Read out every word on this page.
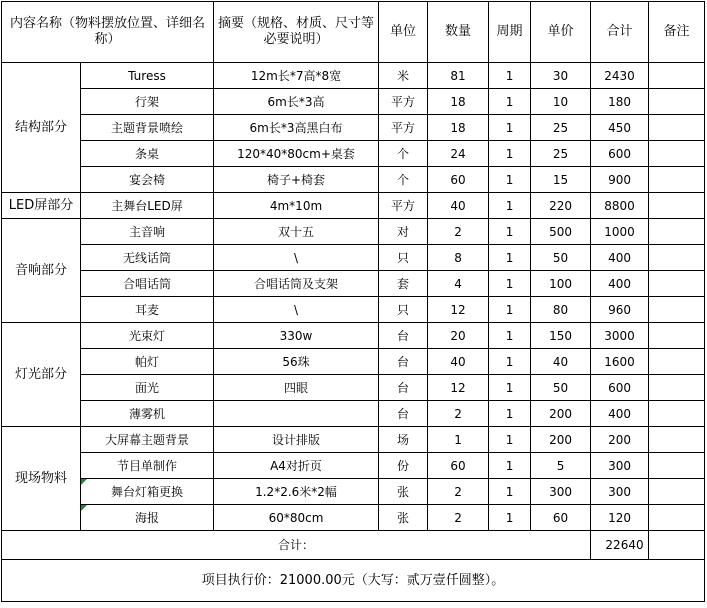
内容名称（物料摆放位置、详细名称）		摘要（规格、材质、尺寸等必要说明）	单位	数量	周期	单价	合计	备注
结构部分	Turess	12m长*7高*8宽	米	81	1	30	2430	
	行架	6m长*3高	平方	18	1	10	180	
	主题背景喷绘	6m长*3高黑白布	平方	18	1	25	450	
	条桌	120*40*80cm+桌套	个	24	1	25	600	
	宴会椅	椅子+椅套	个	60	1	15	900	
LED屏部分	主舞台LED屏	4m*10m	平方	40	1	220	8800	
音响部分	主音响	双十五	对	2	1	500	1000	
	无线话筒	\	只	8	1	50	400	
	合唱话筒	合唱话筒及支架	套	4	1	100	400	
	耳麦	\	只	12	1	80	960	
灯光部分	光束灯	330w	台	20	1	150	3000	
	帕灯	56珠	台	40	1	40	1600	
	面光	四眼	台	12	1	50	600	
	薄雾机		台	2	1	200	400	
现场物料	大屏幕主题背景	设计排版	场	1	1	200	200	
	节目单制作	A4对折页	份	60	1	5	300	
	舞台灯箱更换	1.2*2.6米*2幅	张	2	1	300	300	
	海报	60*80cm	张	2	1	60	120	
合计：							22640	
项目执行价：21000.00元（大写：贰万壹仟圆整）。								
